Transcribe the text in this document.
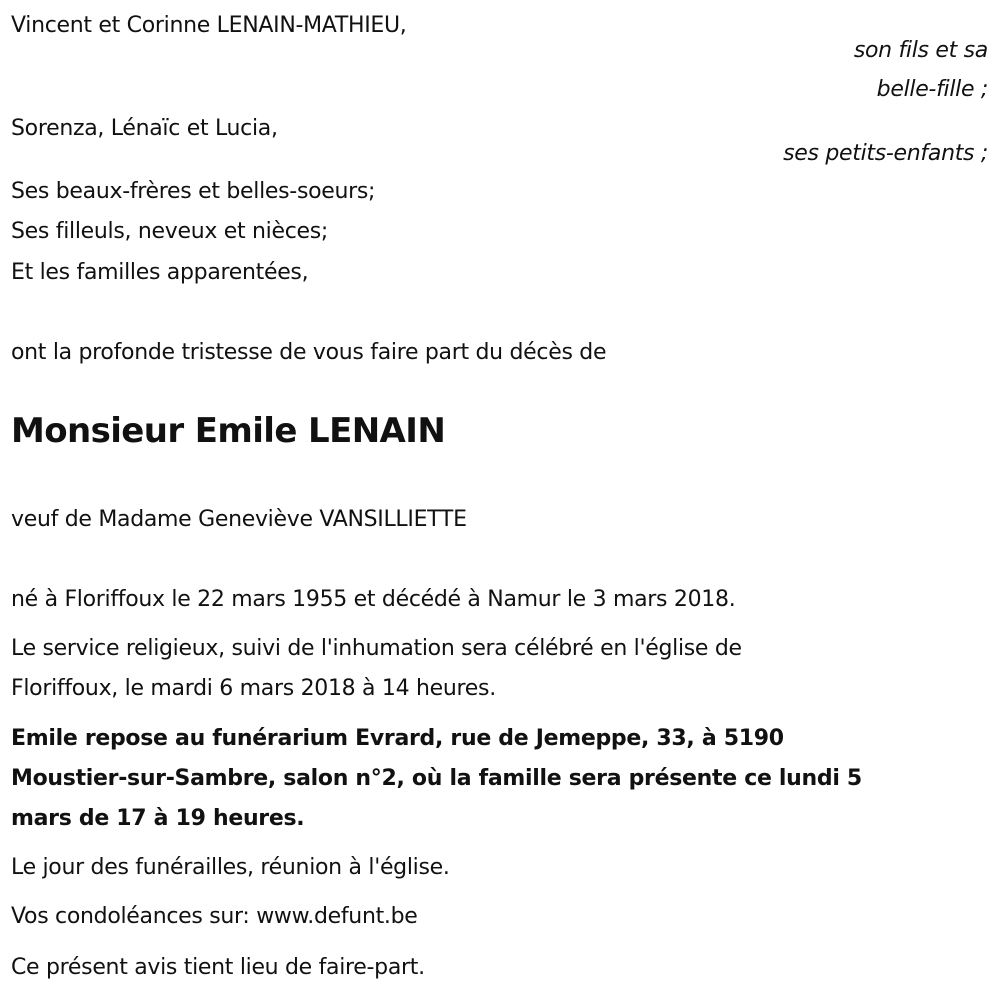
Vincent et Corinne LENAIN-MATHIEU,
son fils et sa
belle-fille ;
Sorenza, Lénaïc et Lucia,
ses petits-enfants ;
Ses beaux-frères et belles-soeurs;
Ses filleuls, neveux et nièces;
Et les familles apparentées,
ont la profonde tristesse de vous faire part du décès de
Monsieur Emile LENAIN
veuf de Madame Geneviève VANSILLIETTE
né à Floriffoux le 22 mars 1955 et décédé à Namur le 3 mars 2018.
Le service religieux, suivi de l'inhumation sera célébré en l'église de
Floriffoux, le mardi 6 mars 2018 à 14 heures.
Emile repose au funérarium Evrard, rue de Jemeppe, 33, à 5190
Moustier-sur-Sambre, salon n°2, où la famille sera présente ce lundi 5
mars de 17 à 19 heures.
Le jour des funérailles, réunion à l'église.
Vos condoléances sur: www.defunt.be
Ce présent avis tient lieu de faire-part.
